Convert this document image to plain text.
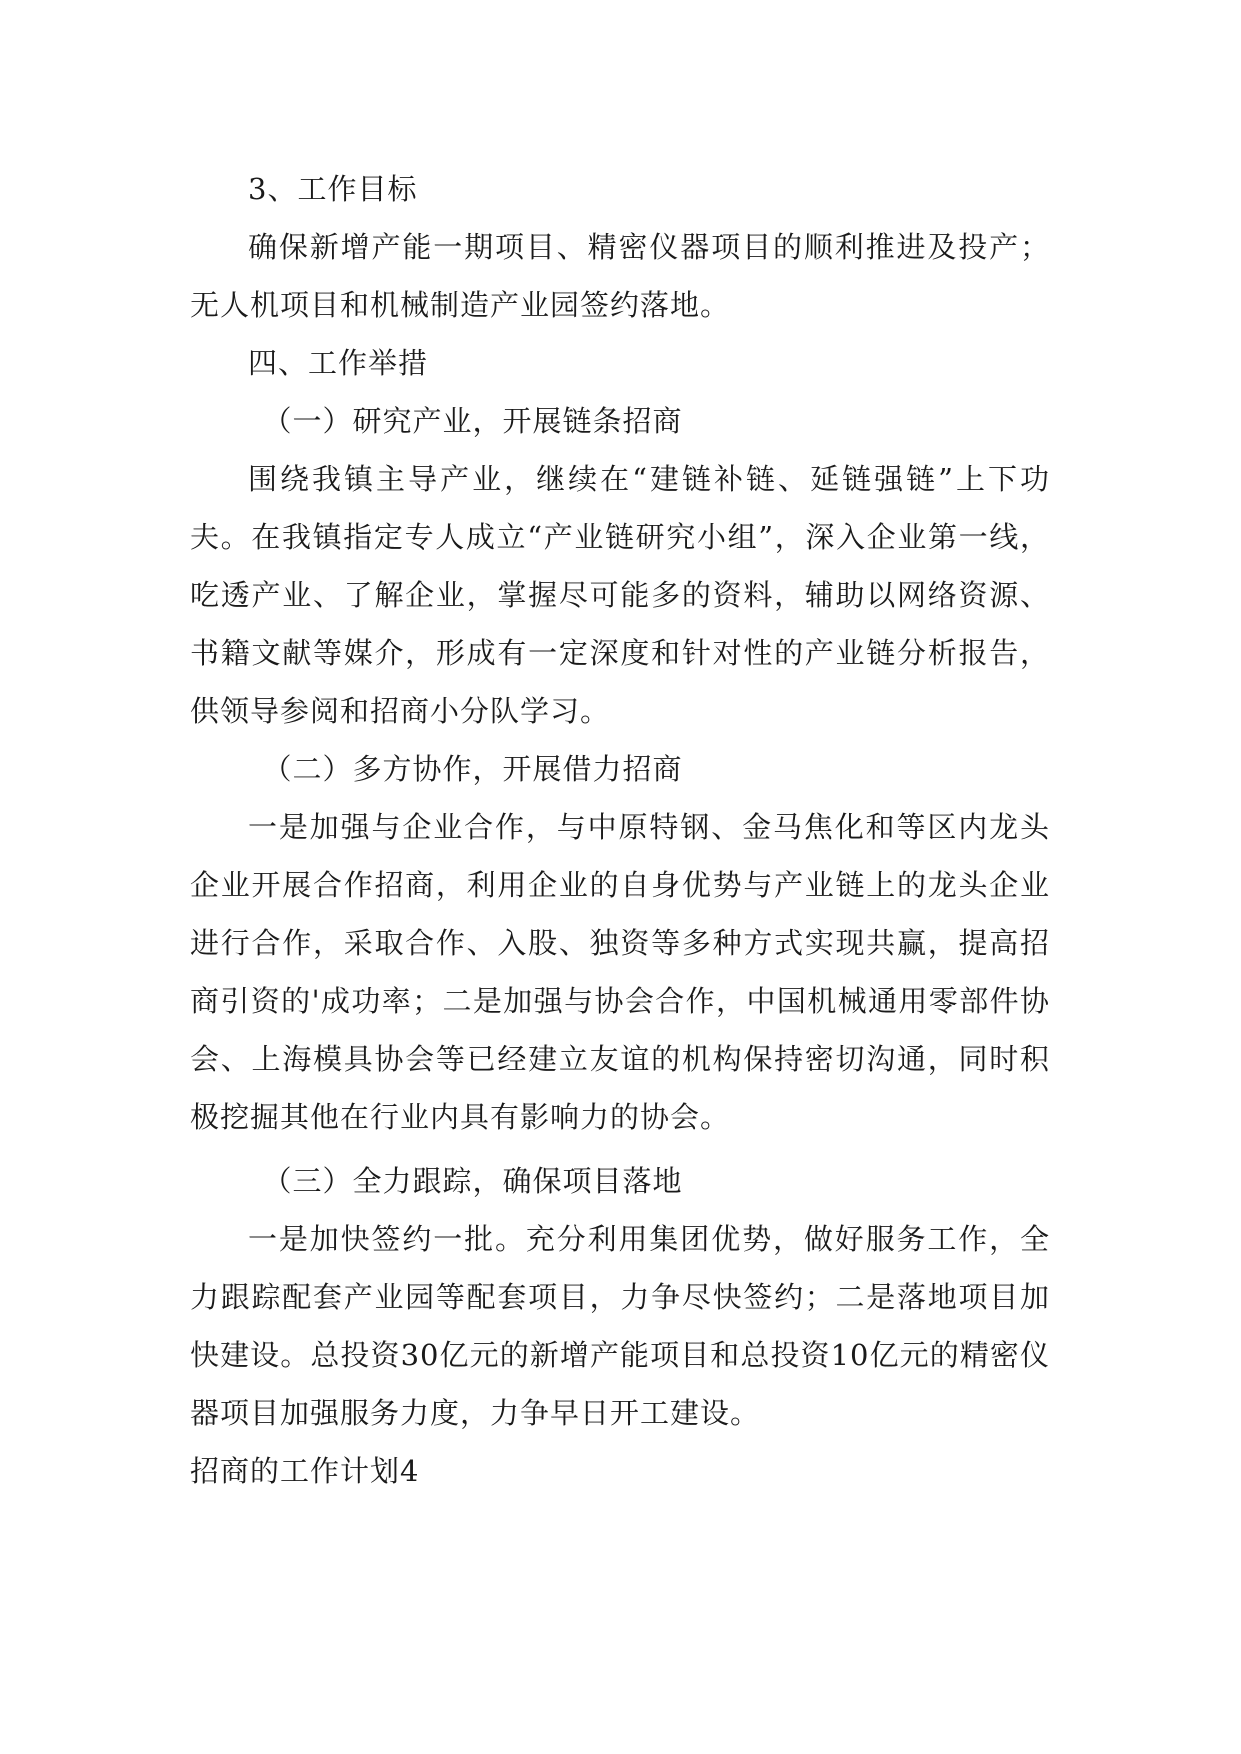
3、工作目标

确保新增产能一期项目、精密仪器项目的顺利推进及投产；无人机项目和机械制造产业园签约落地。

四、工作举措

（一）研究产业，开展链条招商

围绕我镇主导产业，继续在“建链补链、延链强链”上下功夫。在我镇指定专人成立“产业链研究小组”，深入企业第一线，吃透产业、了解企业，掌握尽可能多的资料，辅助以网络资源、书籍文献等媒介，形成有一定深度和针对性的产业链分析报告，供领导参阅和招商小分队学习。

（二）多方协作，开展借力招商

一是加强与企业合作，与中原特钢、金马焦化和等区内龙头企业开展合作招商，利用企业的自身优势与产业链上的龙头企业进行合作，采取合作、入股、独资等多种方式实现共赢，提高招商引资的'成功率；二是加强与协会合作，中国机械通用零部件协会、上海模具协会等已经建立友谊的机构保持密切沟通，同时积极挖掘其他在行业内具有影响力的协会。

（三）全力跟踪，确保项目落地

一是加快签约一批。充分利用集团优势，做好服务工作，全力跟踪配套产业园等配套项目，力争尽快签约；二是落地项目加快建设。总投资30亿元的新增产能项目和总投资10亿元的精密仪器项目加强服务力度，力争早日开工建设。

招商的工作计划4
